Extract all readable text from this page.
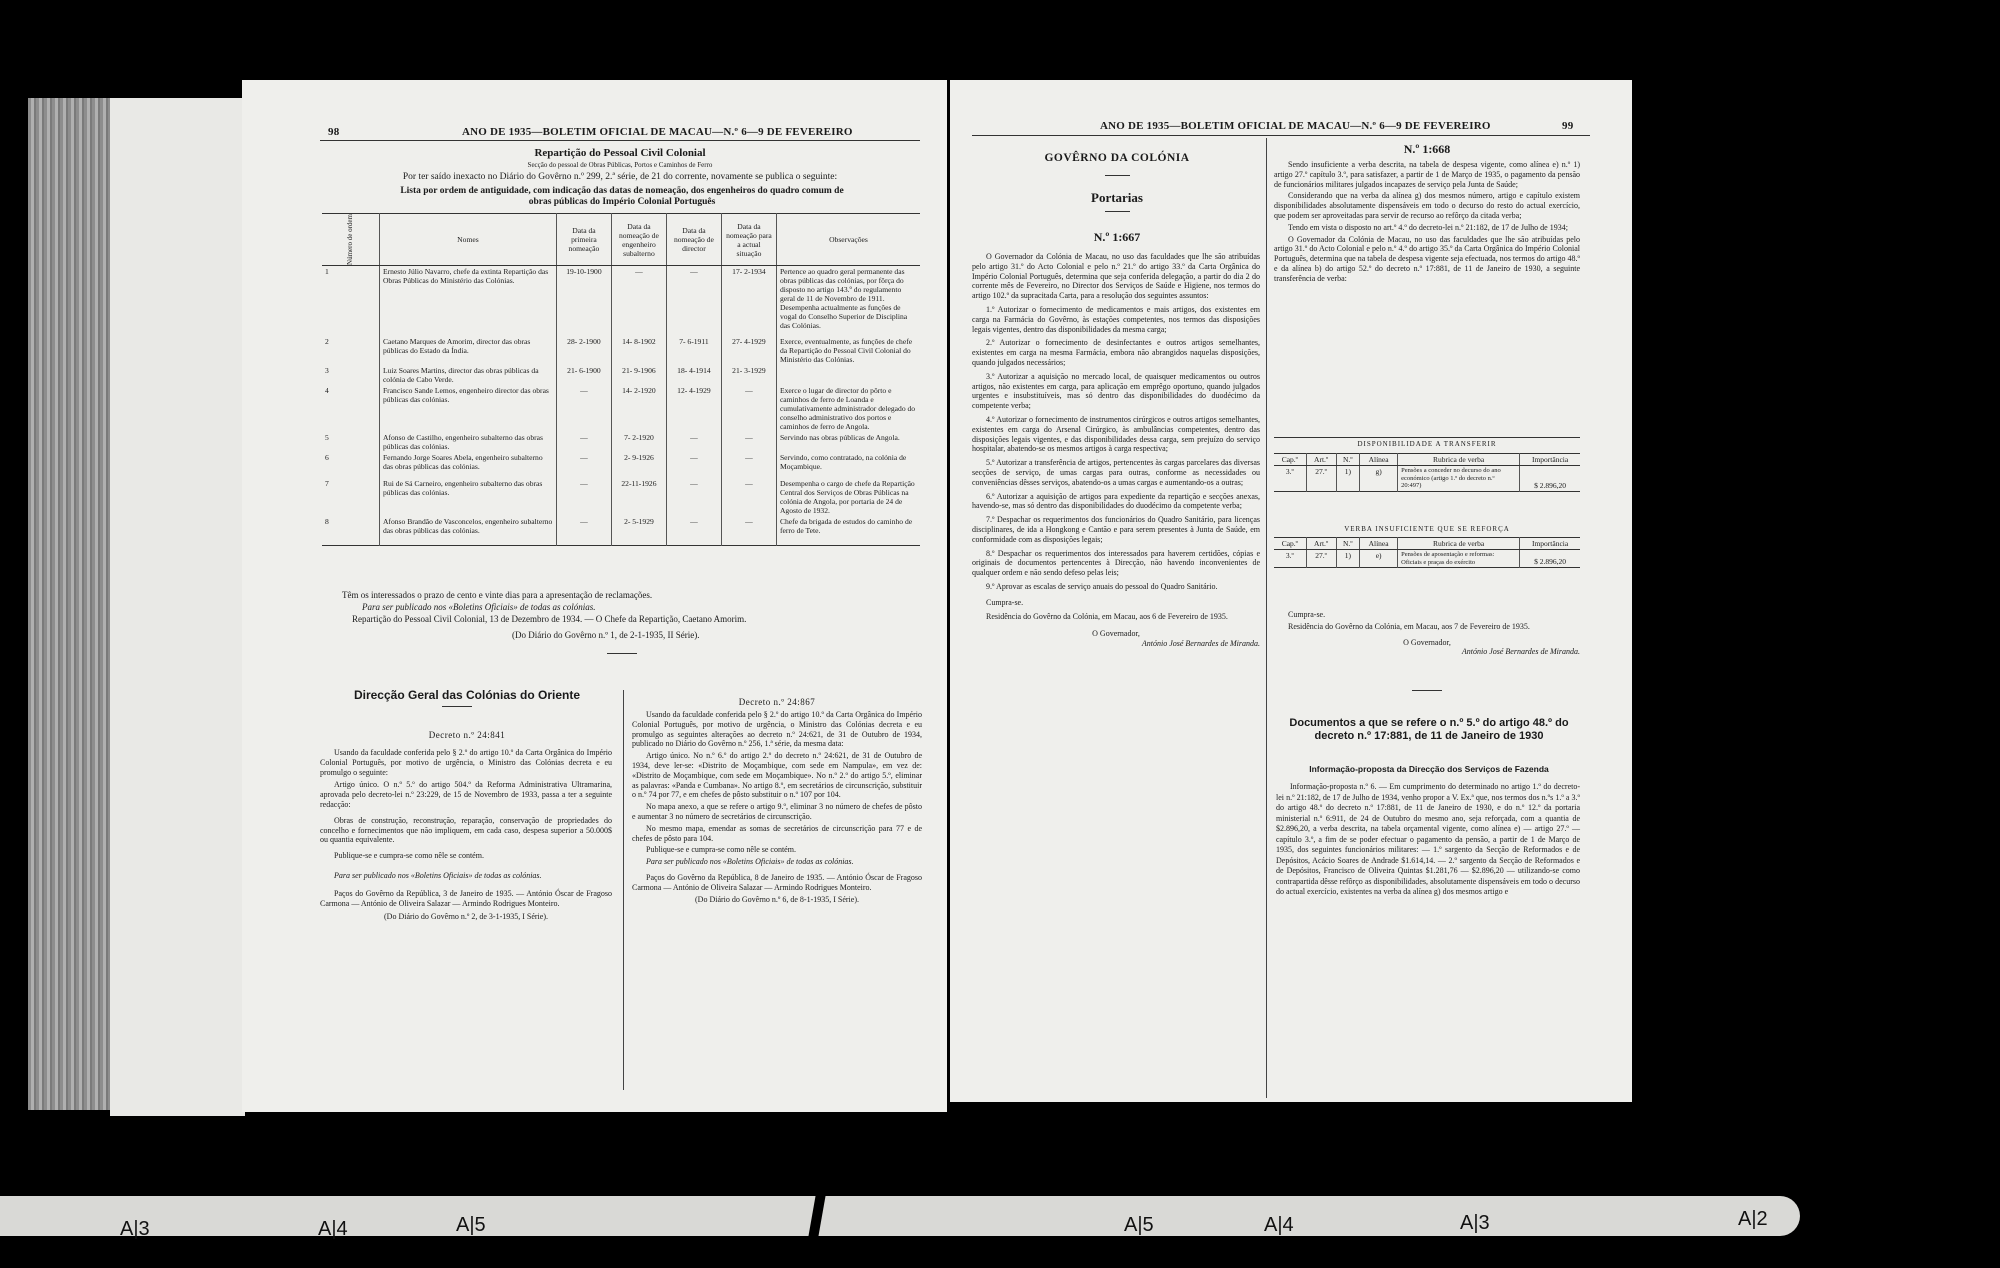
98	ANO DE 1935—BOLETIM OFICIAL DE MACAU—N.º 6—9 DE FEVEREIRO
Repartição do Pessoal Civil Colonial
Secção do pessoal de Obras Públicas, Portos e Caminhos de Ferro
Por ter saído inexacto no Diário do Govêrno n.º 299, 2.ª série, de 21 do corrente, novamente se publica o seguinte:
Lista por ordem de antiguidade, com indicação das datas de nomeação, dos engenheiros do quadro comum de obras públicas do Império Colonial Português
Número de ordem	Nomes	Data da primeira nomeação	Data da nomeação de engenheiro subalterno	Data da nomeação de director	Data da nomeação para a actual situação	Observações
1	Ernesto Júlio Navarro, chefe da extinta Repartição das Obras Públicas do Ministério das Colónias.	19-10-1900	—	—	17- 2-1934	Pertence ao quadro geral permanente das obras públicas das colónias, por fôrça do disposto no artigo 143.º do regulamento geral de 11 de Novembro de 1911. Desempenha actualmente as funções de vogal do Conselho Superior de Disciplina das Colónias.
2	Caetano Marques de Amorim, director das obras públicas do Estado da Índia.	28- 2-1900	14- 8-1902	7- 6-1911	27- 4-1929	Exerce, eventualmente, as funções de chefe da Repartição do Pessoal Civil Colonial do Ministério das Colónias.
3	Luiz Soares Martins, director das obras públicas da colónia de Cabo Verde.	21- 6-1900	21- 9-1906	18- 4-1914	21- 3-1929	
4	Francisco Sande Lemos, engenheiro director das obras públicas das colónias.	—	14- 2-1920	12- 4-1929	—	Exerce o lugar de director do pôrto e caminhos de ferro de Loanda e cumulativamente administrador delegado do conselho administrativo dos portos e caminhos de ferro de Angola.
5	Afonso de Castilho, engenheiro subalterno das obras públicas das colónias.	—	7- 2-1920	—	—	Servindo nas obras públicas de Angola.
6	Fernando Jorge Soares Abela, engenheiro subalterno das obras públicas das colónias.	—	2- 9-1926	—	—	Servindo, como contratado, na colónia de Moçambique.
7	Rui de Sá Carneiro, engenheiro subalterno das obras públicas das colónias.	—	22-11-1926	—	—	Desempenha o cargo de chefe da Repartição Central dos Serviços de Obras Públicas na colónia de Angola, por portaria de 24 de Agosto de 1932.
8	Afonso Brandão de Vasconcelos, engenheiro subalterno das obras públicas das colónias.	—	2- 5-1929	—	—	Chefe da brigada de estudos do caminho de ferro de Tete.
Têm os interessados o prazo de cento e vinte dias para a apresentação de reclamações.
Para ser publicado nos «Boletins Oficiais» de todas as colónias.
Repartição do Pessoal Civil Colonial, 13 de Dezembro de 1934. — O Chefe da Repartição, Caetano Amorim.
(Do Diário do Govêrno n.º 1, de 2-1-1935, II Série).
Direcção Geral das Colónias do Oriente
Decreto n.º 24:841
Usando da faculdade conferida pelo § 2.º do artigo 10.º da Carta Orgânica do Império Colonial Português, por motivo de urgência, o Ministro das Colónias decreta e eu promulgo o seguinte:
Artigo único. O n.º 5.º do artigo 504.º da Reforma Administrativa Ultramarina, aprovada pelo decreto-lei n.º 23:229, de 15 de Novembro de 1933, passa a ter a seguinte redacção:
Obras de construção, reconstrução, reparação, conservação de propriedades do concelho e fornecimentos que não impliquem, em cada caso, despesa superior a 50.000$ ou quantia equivalente.
Publique-se e cumpra-se como nêle se contém.
Para ser publicado nos «Boletins Oficiais» de todas as colónias.
Paços do Govêrno da República, 3 de Janeiro de 1935. — António Óscar de Fragoso Carmona — António de Oliveira Salazar — Armindo Rodrigues Monteiro.
(Do Diário do Govêrno n.º 2, de 3-1-1935, I Série).
Decreto n.º 24:867
Usando da faculdade conferida pelo § 2.º do artigo 10.º da Carta Orgânica do Império Colonial Português, por motivo de urgência, o Ministro das Colónias decreta e eu promulgo as seguintes alterações ao decreto n.º 24:621, de 31 de Outubro de 1934, publicado no Diário do Govêrno n.º 256, 1.ª série, da mesma data:
Artigo único. No n.º 6.º do artigo 2.º do decreto n.º 24:621, de 31 de Outubro de 1934, deve ler-se: «Distrito de Moçambique, com sede em Nampula», em vez de: «Distrito de Moçambique, com sede em Moçambique». No n.º 2.º do artigo 5.º, eliminar as palavras: «Panda e Cumbana». No artigo 8.º, em secretários de circunscrição, substituir o n.º 74 por 77, e em chefes de pôsto substituir o n.º 107 por 104.
No mapa anexo, a que se refere o artigo 9.º, eliminar 3 no número de chefes de pôsto e aumentar 3 no número de secretários de circunscrição.
No mesmo mapa, emendar as somas de secretários de circunscrição para 77 e de chefes de pôsto para 104.
Publique-se e cumpra-se como nêle se contém.
Para ser publicado nos «Boletins Oficiais» de todas as colónias.
Paços do Govêrno da República, 8 de Janeiro de 1935. — António Óscar de Fragoso Carmona — António de Oliveira Salazar — Armindo Rodrigues Monteiro.
(Do Diário do Govêrno n.º 6, de 8-1-1935, I Série).
ANO DE 1935—BOLETIM OFICIAL DE MACAU—N.º 6—9 DE FEVEREIRO	99
GOVÊRNO DA COLÓNIA
Portarias
N.º 1:667
O Governador da Colónia de Macau, no uso das faculdades que lhe são atribuídas pelo artigo 31.º do Acto Colonial e pelo n.º 21.º do artigo 33.º da Carta Orgânica do Império Colonial Português, determina que seja conferida delegação, a partir do dia 2 do corrente mês de Fevereiro, no Director dos Serviços de Saúde e Higiene, nos termos do artigo 102.º da supracitada Carta, para a resolução dos seguintes assuntos:
1.º Autorizar o fornecimento de medicamentos e mais artigos, dos existentes em carga na Farmácia do Govêrno, às estações competentes, nos termos das disposições legais vigentes, dentro das disponibilidades da mesma carga;
2.º Autorizar o fornecimento de desinfectantes e outros artigos semelhantes, existentes em carga na mesma Farmácia, embora não abrangidos naquelas disposições, quando julgados necessários;
3.º Autorizar a aquisição no mercado local, de quaisquer medicamentos ou outros artigos, não existentes em carga, para aplicação em emprêgo oportuno, quando julgados urgentes e insubstituíveis, mas só dentro das disponibilidades do duodécimo da competente verba;
4.º Autorizar o fornecimento de instrumentos cirúrgicos e outros artigos semelhantes, existentes em carga do Arsenal Cirúrgico, às ambulâncias competentes, dentro das disposições legais vigentes, e das disponibilidades dessa carga, sem prejuízo do serviço hospitalar, abatendo-se os mesmos artigos à carga respectiva;
5.º Autorizar a transferência de artigos, pertencentes às cargas parcelares das diversas secções de serviço, de umas cargas para outras, conforme as necessidades ou conveniências dêsses serviços, abatendo-os a umas cargas e aumentando-os a outras;
6.º Autorizar a aquisição de artigos para expediente da repartição e secções anexas, havendo-se, mas só dentro das disponibilidades do duodécimo da competente verba;
7.º Despachar os requerimentos dos funcionários do Quadro Sanitário, para licenças disciplinares, de ida a Hongkong e Cantão e para serem presentes à Junta de Saúde, em conformidade com as disposições legais;
8.º Despachar os requerimentos dos interessados para haverem certidões, cópias e originais de documentos pertencentes à Direcção, não havendo inconvenientes de qualquer ordem e não sendo defeso pelas leis;
9.º Aprovar as escalas de serviço anuais do pessoal do Quadro Sanitário.
Cumpra-se.
Residência do Govêrno da Colónia, em Macau, aos 6 de Fevereiro de 1935.
O Governador,
António José Bernardes de Miranda.
N.º 1:668
Sendo insuficiente a verba descrita, na tabela de despesa vigente, como alínea e) n.º 1) artigo 27.º capítulo 3.º, para satisfazer, a partir de 1 de Março de 1935, o pagamento da pensão de funcionários militares julgados incapazes de serviço pela Junta de Saúde;
Considerando que na verba da alínea g) dos mesmos número, artigo e capítulo existem disponibilidades absolutamente dispensáveis em todo o decurso do resto do actual exercício, que podem ser aproveitadas para servir de recurso ao refôrço da citada verba;
Tendo em vista o disposto no art.º 4.º do decreto-lei n.º 21:182, de 17 de Julho de 1934;
O Governador da Colónia de Macau, no uso das faculdades que lhe são atribuídas pelo artigo 31.º do Acto Colonial e pelo n.º 4.º do artigo 35.º da Carta Orgânica do Império Colonial Português, determina que na tabela de despesa vigente seja efectuada, nos termos do artigo 48.º e da alínea b) do artigo 52.º do decreto n.º 17:881, de 11 de Janeiro de 1930, a seguinte transferência de verba:
DISPONIBILIDADE A TRANSFERIR
Cap.º	Art.º	N.º	Alínea	Rubrica de verba	Importância
3.º	27.º	1)	g)	Pensões a conceder no decurso do ano económico (artigo 1.º do decreto n.º 20:497)	$ 2.896,20
VERBA INSUFICIENTE QUE SE REFORÇA
Cap.º	Art.º	N.º	Alínea	Rubrica de verba	Importância
3.º	27.º	1)	e)	Pensões de aposentação e reformas: Oficiais e praças do exército	$ 2.896,20
Cumpra-se.
Residência do Govêrno da Colónia, em Macau, aos 7 de Fevereiro de 1935.
O Governador,
António José Bernardes de Miranda.
Documentos a que se refere o n.º 5.º do artigo 48.º do decreto n.º 17:881, de 11 de Janeiro de 1930
Informação-proposta da Direcção dos Serviços de Fazenda
Informação-proposta n.º 6. — Em cumprimento do determinado no artigo 1.º do decreto-lei n.º 21:182, de 17 de Julho de 1934, venho propor a V. Ex.ª que, nos termos dos n.ºs 1.º a 3.º do artigo 48.º do decreto n.º 17:881, de 11 de Janeiro de 1930, e do n.º 12.º da portaria ministerial n.º 6:911, de 24 de Outubro do mesmo ano, seja reforçada, com a quantia de $2.896,20, a verba descrita, na tabela orçamental vigente, como alínea e) — artigo 27.º — capítulo 3.º, a fim de se poder efectuar o pagamento da pensão, a partir de 1 de Março de 1935, dos seguintes funcionários militares: — 1.º sargento da Secção de Reformados e de Depósitos, Acácio Soares de Andrade $1.614,14. — 2.º sargento da Secção de Reformados e de Depósitos, Francisco de Oliveira Quintas $1.281,76 — $2.896,20 — utilizando-se como contrapartida dêsse refôrço as disponibilidades, absolutamente dispensáveis em todo o decurso do actual exercício, existentes na verba da alínea g) dos mesmos artigo e
A|3	A|4	A|5	A|5	A|4	A|3	A|2
